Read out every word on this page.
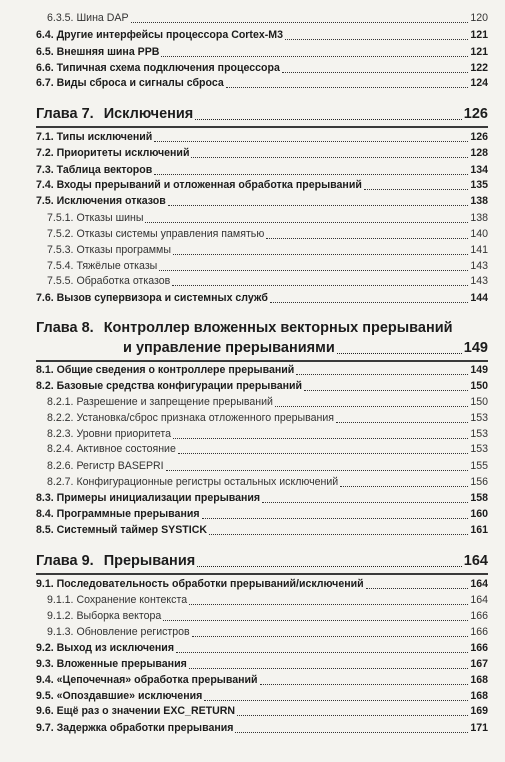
6.3.5. Шина DAP	120
6.4. Другие интерфейсы процессора Cortex-M3	121
6.5. Внешняя шина PPB	121
6.6. Типичная схема подключения процессора	122
6.7. Виды сброса и сигналы сброса	124
Глава 7. Исключения	126
7.1. Типы исключений	126
7.2. Приоритеты исключений	128
7.3. Таблица векторов	134
7.4. Входы прерываний и отложенная обработка прерываний	135
7.5. Исключения отказов	138
7.5.1. Отказы шины	138
7.5.2. Отказы системы управления памятью	140
7.5.3. Отказы программы	141
7.5.4. Тяжёлые отказы	143
7.5.5. Обработка отказов	143
7.6. Вызов супервизора и системных служб	144
Глава 8. Контроллер вложенных векторных прерываний
и управление прерываниями	149
8.1. Общие сведения о контроллере прерываний	149
8.2. Базовые средства конфигурации прерываний	150
8.2.1. Разрешение и запрещение прерываний	150
8.2.2. Установка/сброс признака отложенного прерывания	153
8.2.3. Уровни приоритета	153
8.2.4. Активное состояние	153
8.2.6. Регистр BASEPRI	155
8.2.7. Конфигурационные регистры остальных исключений	156
8.3. Примеры инициализации прерывания	158
8.4. Программные прерывания	160
8.5. Системный таймер SYSTICK	161
Глава 9. Прерывания	164
9.1. Последовательность обработки прерываний/исключений	164
9.1.1. Сохранение контекста	164
9.1.2. Выборка вектора	166
9.1.3. Обновление регистров	166
9.2. Выход из исключения	166
9.3. Вложенные прерывания	167
9.4. «Цепочечная» обработка прерываний	168
9.5. «Опоздавшие» исключения	168
9.6. Ещё раз о значении EXC_RETURN	169
9.7. Задержка обработки прерывания	171
